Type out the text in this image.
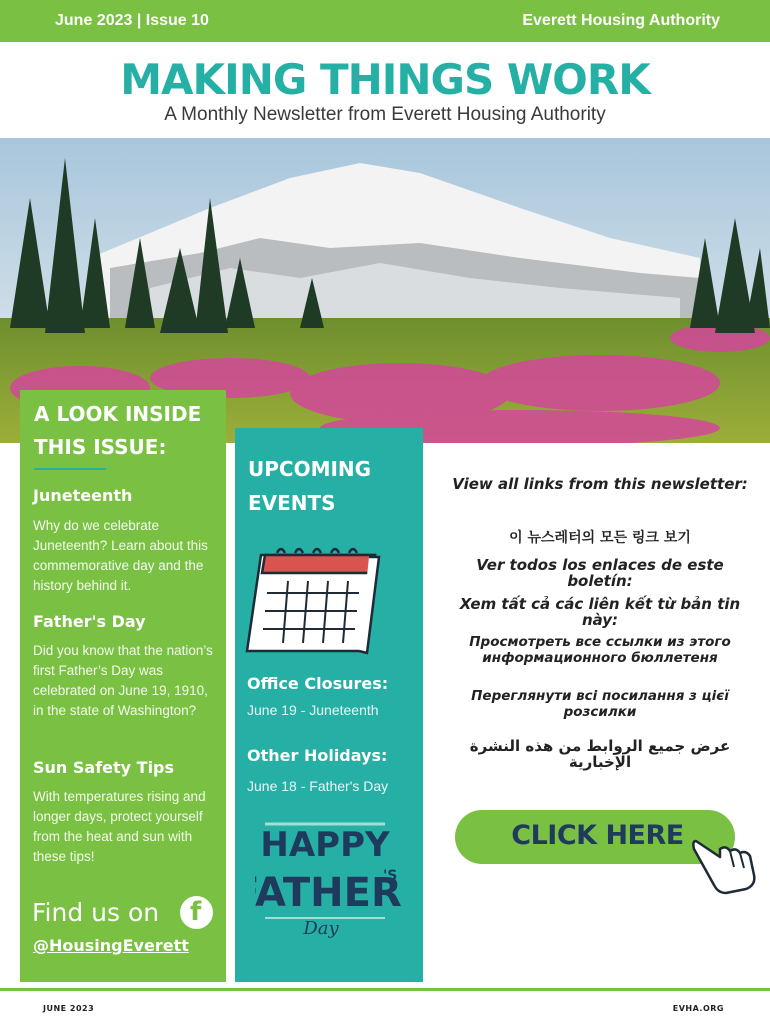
June 2023 | Issue 10	Everett Housing Authority
MAKING THINGS WORK
A Monthly Newsletter from Everett Housing Authority
A LOOK INSIDE THIS ISSUE:
Juneteenth
Why do we celebrate Juneteenth? Learn about this commemorative day and the history behind it.
Father's Day
Did you know that the nation’s first Father’s Day was celebrated on June 19, 1910, in the state of Washington?
Sun Safety Tips
With temperatures rising and longer days, protect yourself from the heat and sun with these tips!
Find us on f
@HousingEverett
UPCOMING EVENTS
Office Closures:
June 19 - Juneteenth
Other Holidays:
June 18 - Father's Day
HAPPY
ATHER
'S
Day
View all links from this newsletter:
이 뉴스레터의 모든 링크 보기
Ver todos los enlaces de este boletín:
Xem tất cả các liên kết từ bản tin này:
Просмотреть все ссылки из этого информационного бюллетеня
Переглянути всі посилання з цієї розсилки
عرض جميع الروابط من هذه النشرة الإخبارية
CLICK HERE
JUNE 2023	EVHA.ORG
